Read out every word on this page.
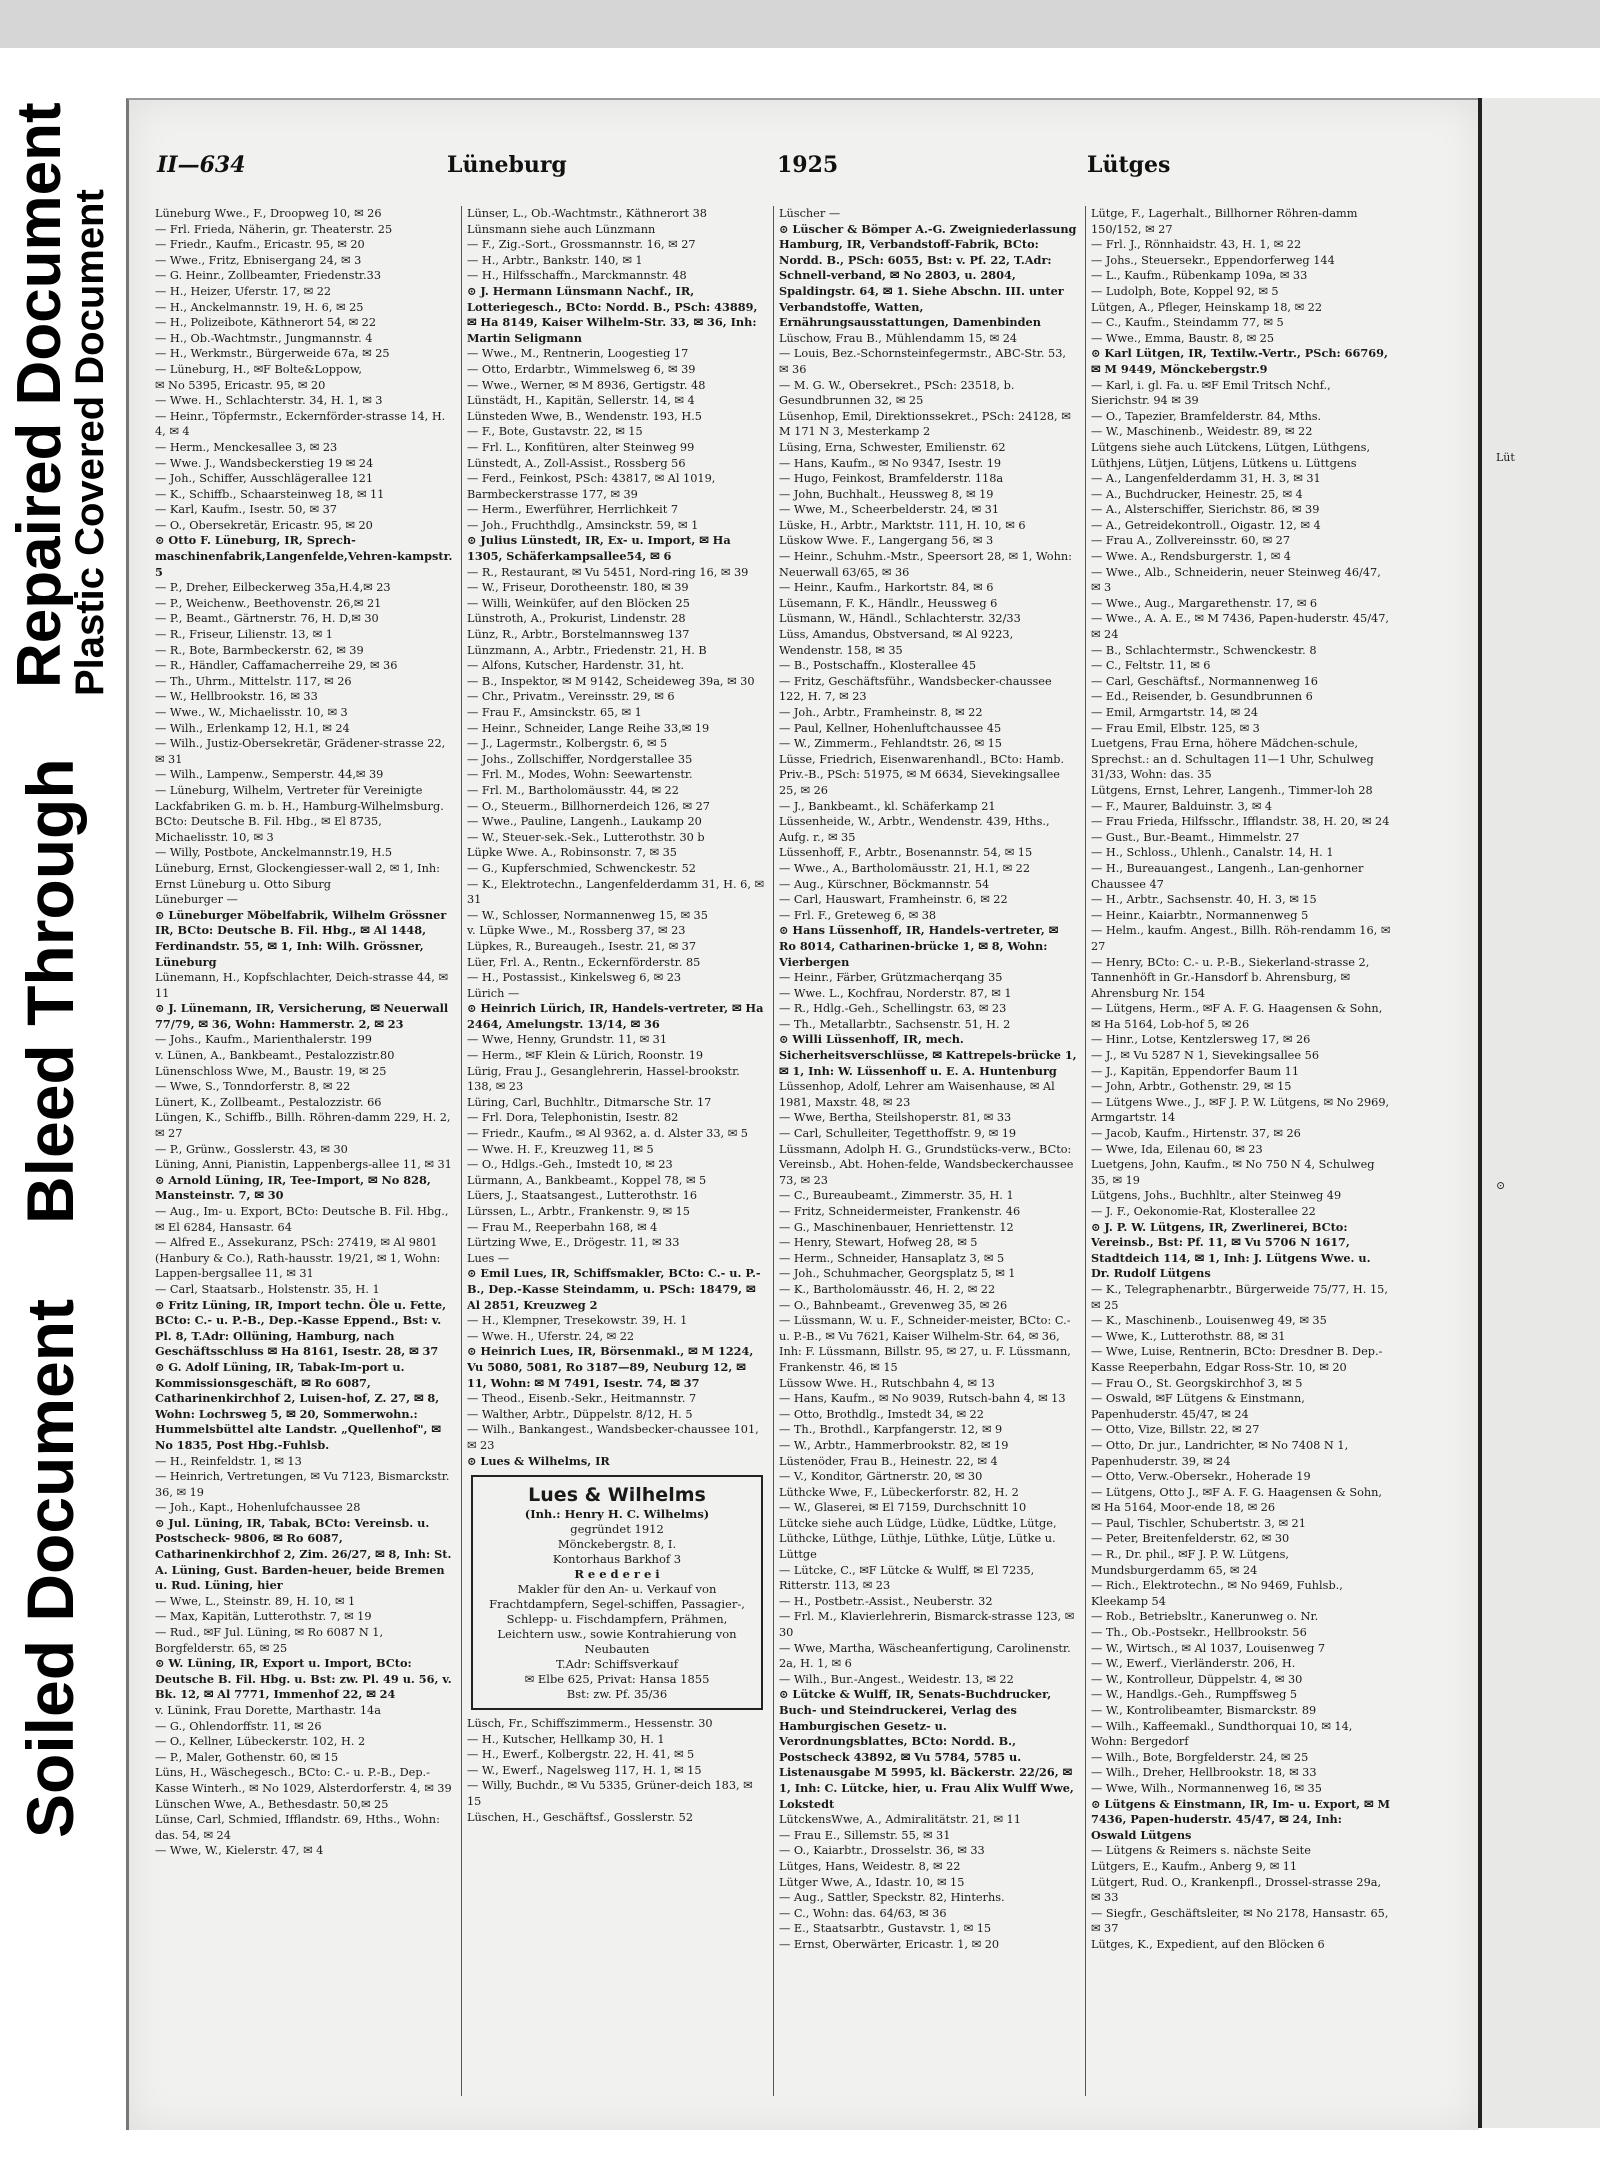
Repaired Document
Plastic Covered Document
Bleed Through
Soiled Document
II—634	Lüneburg	1925	Lütges

Lüneburg Wwe., F., Droopweg 10, ✉ 26

— Frl. Frieda, Näherin, gr. Theaterstr. 25

— Friedr., Kaufm., Ericastr. 95, ✉ 20

— Wwe., Fritz, Ebnisergang 24, ✉ 3

— G. Heinr., Zollbeamter, Friedenstr.33

— H., Heizer, Uferstr. 17, ✉ 22

— H., Anckelmannstr. 19, H. 6, ✉ 25

— H., Polizeibote, Käthnerort 54, ✉ 22

— H., Ob.-Wachtmstr., Jungmannstr. 4

— H., Werkmstr., Bürgerweide 67a, ✉ 25

— Lüneburg, H., ✉F Bolte&Loppow,

✉ No 5395, Ericastr. 95, ✉ 20

— Wwe. H., Schlachterstr. 34, H. 1, ✉ 3

— Heinr., Töpfermstr., Eckernförder-strasse 14, H. 4, ✉ 4

— Herm., Menckesallee 3, ✉ 23

— Wwe. J., Wandsbeckerstieg 19 ✉ 24

— Joh., Schiffer, Ausschlägerallee 121

— K., Schiffb., Schaarsteinweg 18, ✉ 11

— Karl, Kaufm., Isestr. 50, ✉ 37

— O., Obersekretär, Ericastr. 95, ✉ 20

⊙ Otto F. Lüneburg, IR, Sprech-maschinenfabrik,Langenfelde,Vehren-kampstr. 5

— P., Dreher, Eilbeckerweg 35a,H.4,✉ 23

— P., Weichenw., Beethovenstr. 26,✉ 21

— P., Beamt., Gärtnerstr. 76, H. D,✉ 30

— R., Friseur, Lilienstr. 13, ✉ 1

— R., Bote, Barmbeckerstr. 62, ✉ 39

— R., Händler, Caffamacherreihe 29, ✉ 36

— Th., Uhrm., Mittelstr. 117, ✉ 26

— W., Hellbrookstr. 16, ✉ 33

— Wwe., W., Michaelisstr. 10, ✉ 3

— Wilh., Erlenkamp 12, H.1, ✉ 24

— Wilh., Justiz-Obersekretär, Grädener-strasse 22, ✉ 31

— Wilh., Lampenw., Semperstr. 44,✉ 39

— Lüneburg, Wilhelm, Vertreter für Vereinigte Lackfabriken G. m. b. H., Hamburg-Wilhelmsburg. BCto: Deutsche B. Fil. Hbg., ✉ El 8735, Michaelisstr. 10, ✉ 3

— Willy, Postbote, Anckelmannstr.19, H.5

Lüneburg, Ernst, Glockengiesser-wall 2, ✉ 1, Inh: Ernst Lüneburg u. Otto Siburg

Lüneburger —

⊙ Lüneburger Möbelfabrik, Wilhelm Grössner IR, BCto: Deutsche B. Fil. Hbg., ✉ Al 1448, Ferdinandstr. 55, ✉ 1, Inh: Wilh. Grössner, Lüneburg

Lünemann, H., Kopfschlachter, Deich-strasse 44, ✉ 11

⊙ J. Lünemann, IR, Versicherung, ✉ Neuerwall 77/79, ✉ 36, Wohn: Hammerstr. 2, ✉ 23

— Johs., Kaufm., Marienthalerstr. 199

v. Lünen, A., Bankbeamt., Pestalozzistr.80

Lünenschloss Wwe, M., Baustr. 19, ✉ 25

— Wwe, S., Tonndorferstr. 8, ✉ 22

Lünert, K., Zollbeamt., Pestalozzistr. 66

Lüngen, K., Schiffb., Billh. Röhren-damm 229, H. 2, ✉ 27

— P., Grünw., Gosslerstr. 43, ✉ 30

Lüning, Anni, Pianistin, Lappenbergs-allee 11, ✉ 31

⊙ Arnold Lüning, IR, Tee-Import, ✉ No 828, Mansteinstr. 7, ✉ 30

— Aug., Im- u. Export, BCto: Deutsche B. Fil. Hbg., ✉ El 6284, Hansastr. 64

— Alfred E., Assekuranz, PSch: 27419, ✉ Al 9801 (Hanbury & Co.), Rath-hausstr. 19/21, ✉ 1, Wohn: Lappen-bergsallee 11, ✉ 31

— Carl, Staatsarb., Holstenstr. 35, H. 1

⊙ Fritz Lüning, IR, Import techn. Öle u. Fette, BCto: C.- u. P.-B., Dep.-Kasse Eppend., Bst: v. Pl. 8, T.Adr: Ollüning, Hamburg, nach Geschäftsschluss ✉ Ha 8161, Isestr. 28, ✉ 37

⊙ G. Adolf Lüning, IR, Tabak-Im-port u. Kommissionsgeschäft, ✉ Ro 6087, Catharinenkirchhof 2, Luisen-hof, Z. 27, ✉ 8, Wohn: Lochrsweg 5, ✉ 20, Sommerwohn.: Hummelsbüttel alte Landstr. „Quellenhof", ✉ No 1835, Post Hbg.-Fuhlsb.

— H., Reinfeldstr. 1, ✉ 13

— Heinrich, Vertretungen, ✉ Vu 7123, Bismarckstr. 36, ✉ 19

— Joh., Kapt., Hohenlufchaussee 28

⊙ Jul. Lüning, IR, Tabak, BCto: Vereinsb. u. Postscheck- 9806, ✉ Ro 6087, Catharinenkirchhof 2, Zim. 26/27, ✉ 8, Inh: St. A. Lüning, Gust. Barden-heuer, beide Bremen u. Rud. Lüning, hier

— Wwe, L., Steinstr. 89, H. 10, ✉ 1

— Max, Kapitän, Lutterothstr. 7, ✉ 19

— Rud., ✉F Jul. Lüning, ✉ Ro 6087 N 1, Borgfelderstr. 65, ✉ 25

⊙ W. Lüning, IR, Export u. Import, BCto: Deutsche B. Fil. Hbg. u. Bst: zw. Pl. 49 u. 56, v. Bk. 12, ✉ Al 7771, Immenhof 22, ✉ 24

v. Lünink, Frau Dorette, Marthastr. 14a

— G., Ohlendorffstr. 11, ✉ 26

— O., Kellner, Lübeckerstr. 102, H. 2

— P., Maler, Gothenstr. 60, ✉ 15

Lüns, H., Wäschegesch., BCto: C.- u. P.-B., Dep.-Kasse Winterh., ✉ No 1029, Alsterdorferstr. 4, ✉ 39

Lünschen Wwe, A., Bethesdastr. 50,✉ 25

Lünse, Carl, Schmied, Ifflandstr. 69, Hths., Wohn: das. 54, ✉ 24

— Wwe, W., Kielerstr. 47, ✉ 4

Lünser, L., Ob.-Wachtmstr., Käthnerort 38

Lünsmann siehe auch Lünzmann

— F., Zig.-Sort., Grossmannstr. 16, ✉ 27

— H., Arbtr., Bankstr. 140, ✉ 1

— H., Hilfsschaffn., Marckmannstr. 48

⊙ J. Hermann Lünsmann Nachf., IR, Lotteriegesch., BCto: Nordd. B., PSch: 43889, ✉ Ha 8149, Kaiser Wilhelm-Str. 33, ✉ 36, Inh: Martin Seligmann

— Wwe., M., Rentnerin, Loogestieg 17

— Otto, Erdarbtr., Wimmelsweg 6, ✉ 39

— Wwe., Werner, ✉ M 8936, Gertigstr. 48

Lünstädt, H., Kapitän, Sellerstr. 14, ✉ 4

Lünsteden Wwe, B., Wendenstr. 193, H.5

— F., Bote, Gustavstr. 22, ✉ 15

— Frl. L., Konfitüren, alter Steinweg 99

Lünstedt, A., Zoll-Assist., Rossberg 56

— Ferd., Feinkost, PSch: 43817, ✉ Al 1019, Barmbeckerstrasse 177, ✉ 39

— Herm., Ewerführer, Herrlichkeit 7

— Joh., Fruchthdlg., Amsinckstr. 59, ✉ 1

⊙ Julius Lünstedt, IR, Ex- u. Import, ✉ Ha 1305, Schäferkampsallee54, ✉ 6

— R., Restaurant, ✉ Vu 5451, Nord-ring 16, ✉ 39

— W., Friseur, Dorotheenstr. 180, ✉ 39

— Willi, Weinküfer, auf den Blöcken 25

Lünstroth, A., Prokurist, Lindenstr. 28

Lünz, R., Arbtr., Borstelmannsweg 137

Lünzmann, A., Arbtr., Friedenstr. 21, H. B

— Alfons, Kutscher, Hardenstr. 31, ht.

— B., Inspektor, ✉ M 9142, Scheideweg 39a, ✉ 30

— Chr., Privatm., Vereinsstr. 29, ✉ 6

— Frau F., Amsinckstr. 65, ✉ 1

— Heinr., Schneider, Lange Reihe 33,✉ 19

— J., Lagermstr., Kolbergstr. 6, ✉ 5

— Johs., Zollschiffer, Nordgerstallee 35

— Frl. M., Modes, Wohn: Seewartenstr.

— Frl. M., Bartholomäusstr. 44, ✉ 22

— O., Steuerm., Billhornerdeich 126, ✉ 27

— Wwe., Pauline, Langenh., Laukamp 20

— W., Steuer-sek.-Sek., Lutterothstr. 30 b

Lüpke Wwe. A., Robinsonstr. 7, ✉ 35

— G., Kupferschmied, Schwenckestr. 52

— K., Elektrotechn., Langenfelderdamm 31, H. 6, ✉ 31

— W., Schlosser, Normannenweg 15, ✉ 35

v. Lüpke Wwe., M., Rossberg 37, ✉ 23

Lüpkes, R., Bureaugeh., Isestr. 21, ✉ 37

Lüer, Frl. A., Rentn., Eckernförderstr. 85

— H., Postassist., Kinkelsweg 6, ✉ 23

Lürich —

⊙ Heinrich Lürich, IR, Handels-vertreter, ✉ Ha 2464, Amelungstr. 13/14, ✉ 36

— Wwe, Henny, Grundstr. 11, ✉ 31

— Herm., ✉F Klein & Lürich, Roonstr. 19

Lürig, Frau J., Gesanglehrerin, Hassel-brookstr. 138, ✉ 23

Lüring, Carl, Buchhltr., Ditmarsche Str. 17

— Frl. Dora, Telephonistin, Isestr. 82

— Friedr., Kaufm., ✉ Al 9362, a. d. Alster 33, ✉ 5

— Wwe. H. F., Kreuzweg 11, ✉ 5

— O., Hdlgs.-Geh., Imstedt 10, ✉ 23

Lürmann, A., Bankbeamt., Koppel 78, ✉ 5

Lüers, J., Staatsangest., Lutterothstr. 16

Lürssen, L., Arbtr., Frankenstr. 9, ✉ 15

— Frau M., Reeperbahn 168, ✉ 4

Lürtzing Wwe, E., Drögestr. 11, ✉ 33

Lues —

⊙ Emil Lues, IR, Schiffsmakler, BCto: C.- u. P.-B., Dep.-Kasse Steindamm, u. PSch: 18479, ✉ Al 2851, Kreuzweg 2

— H., Klempner, Tresekowstr. 39, H. 1

— Wwe. H., Uferstr. 24, ✉ 22

⊙ Heinrich Lues, IR, Börsenmakl., ✉ M 1224, Vu 5080, 5081, Ro 3187—89, Neuburg 12, ✉ 11, Wohn: ✉ M 7491, Isestr. 74, ✉ 37

— Theod., Eisenb.-Sekr., Heitmannstr. 7

— Walther, Arbtr., Düppelstr. 8/12, H. 5

— Wilh., Bankangest., Wandsbecker-chaussee 101, ✉ 23

⊙ Lues & Wilhelms, IR

Lues & Wilhelms
(Inh.: Henry H. C. Wilhelms)
gegründet 1912
Mönckebergstr. 8, I.
Kontorhaus Barkhof 3
R e e d e r e i
Makler für den An- u. Verkauf von Frachtdampfern, Segel-schiffen, Passagier-, Schlepp- u. Fischdampfern, Prähmen, Leichtern usw., sowie Kontrahierung von Neubauten
T.Adr: Schiffsverkauf
✉ Elbe 625, Privat: Hansa 1855
Bst: zw. Pf. 35/36

Lüsch, Fr., Schiffszimmerm., Hessenstr. 30

— H., Kutscher, Hellkamp 30, H. 1

— H., Ewerf., Kolbergstr. 22, H. 41, ✉ 5

— W., Ewerf., Nagelsweg 117, H. 1, ✉ 15

— Willy, Buchdr., ✉ Vu 5335, Grüner-deich 183, ✉ 15

Lüschen, H., Geschäftsf., Gosslerstr. 52

Lüscher —

⊙ Lüscher & Bömper A.-G. Zweigniederlassung Hamburg, IR, Verbandstoff-Fabrik, BCto: Nordd. B., PSch: 6055, Bst: v. Pf. 22, T.Adr: Schnell-verband, ✉ No 2803, u. 2804, Spaldingstr. 64, ✉ 1. Siehe Abschn. III. unter Verbandstoffe, Watten, Ernährungsausstattungen, Damenbinden

Lüschow, Frau B., Mühlendamm 15, ✉ 24

— Louis, Bez.-Schornsteinfegermstr., ABC-Str. 53, ✉ 36

— M. G. W., Obersekret., PSch: 23518, b. Gesundbrunnen 32, ✉ 25

Lüsenhop, Emil, Direktionssekret., PSch: 24128, ✉ M 171 N 3, Mesterkamp 2

Lüsing, Erna, Schwester, Emilienstr. 62

— Hans, Kaufm., ✉ No 9347, Isestr. 19

— Hugo, Feinkost, Bramfelderstr. 118a

— John, Buchhalt., Heussweg 8, ✉ 19

— Wwe, M., Scheerbelderstr. 24, ✉ 31

Lüske, H., Arbtr., Marktstr. 111, H. 10, ✉ 6

Lüskow Wwe. F., Langergang 56, ✉ 3

— Heinr., Schuhm.-Mstr., Speersort 28, ✉ 1, Wohn: Neuerwall 63/65, ✉ 36

— Heinr., Kaufm., Harkortstr. 84, ✉ 6

Lüsemann, F. K., Händlr., Heussweg 6

Lüsmann, W., Händl., Schlachterstr. 32/33

Lüss, Amandus, Obstversand, ✉ Al 9223, Wendenstr. 158, ✉ 35

— B., Postschaffn., Klosterallee 45

— Fritz, Geschäftsführ., Wandsbecker-chaussee 122, H. 7, ✉ 23

— Joh., Arbtr., Framheinstr. 8, ✉ 22

— Paul, Kellner, Hohenluftchaussee 45

— W., Zimmerm., Fehlandtstr. 26, ✉ 15

Lüsse, Friedrich, Eisenwarenhandl., BCto: Hamb. Priv.-B., PSch: 51975, ✉ M 6634, Sievekingsallee 25, ✉ 26

— J., Bankbeamt., kl. Schäferkamp 21

Lüssenheide, W., Arbtr., Wendenstr. 439, Hths., Aufg. r., ✉ 35

Lüssenhoff, F., Arbtr., Bosenannstr. 54, ✉ 15

— Wwe., A., Bartholomäusstr. 21, H.1, ✉ 22

— Aug., Kürschner, Böckmannstr. 54

— Carl, Hauswart, Framheinstr. 6, ✉ 22

— Frl. F., Greteweg 6, ✉ 38

⊙ Hans Lüssenhoff, IR, Handels-vertreter, ✉ Ro 8014, Catharinen-brücke 1, ✉ 8, Wohn: Vierbergen

— Heinr., Färber, Grützmacherqang 35

— Wwe. L., Kochfrau, Norderstr. 87, ✉ 1

— R., Hdlg.-Geh., Schellingstr. 63, ✉ 23

— Th., Metallarbtr., Sachsenstr. 51, H. 2

⊙ Willi Lüssenhoff, IR, mech. Sicherheitsverschlüsse, ✉ Kattrepels-brücke 1, ✉ 1, Inh: W. Lüssenhoff u. E. A. Huntenburg

Lüssenhop, Adolf, Lehrer am Waisenhause, ✉ Al 1981, Maxstr. 48, ✉ 23

— Wwe, Bertha, Steilshoperstr. 81, ✉ 33

— Carl, Schulleiter, Tegetthoffstr. 9, ✉ 19

Lüssmann, Adolph H. G., Grundstücks-verw., BCto: Vereinsb., Abt. Hohen-felde, Wandsbeckerchaussee 73, ✉ 23

— C., Bureaubeamt., Zimmerstr. 35, H. 1

— Fritz, Schneidermeister, Frankenstr. 46

— G., Maschinenbauer, Henriettenstr. 12

— Henry, Stewart, Hofweg 28, ✉ 5

— Herm., Schneider, Hansaplatz 3, ✉ 5

— Joh., Schuhmacher, Georgsplatz 5, ✉ 1

— K., Bartholomäusstr. 46, H. 2, ✉ 22

— O., Bahnbeamt., Grevenweg 35, ✉ 26

— Lüssmann, W. u. F., Schneider-meister, BCto: C.- u. P.-B., ✉ Vu 7621, Kaiser Wilhelm-Str. 64, ✉ 36, Inh: F. Lüssmann, Billstr. 95, ✉ 27, u. F. Lüssmann, Frankenstr. 46, ✉ 15

Lüssow Wwe. H., Rutschbahn 4, ✉ 13

— Hans, Kaufm., ✉ No 9039, Rutsch-bahn 4, ✉ 13

— Otto, Brothdlg., Imstedt 34, ✉ 22

— Th., Brothdl., Karpfangerstr. 12, ✉ 9

— W., Arbtr., Hammerbrookstr. 82, ✉ 19

Lüstenöder, Frau B., Heinestr. 22, ✉ 4

— V., Konditor, Gärtnerstr. 20, ✉ 30

Lüthcke Wwe, F., Lübeckerforstr. 82, H. 2

— W., Glaserei, ✉ El 7159, Durchschnitt 10

Lütcke siehe auch Lüdge, Lüdke, Lüdtke, Lütge, Lüthcke, Lüthge, Lüthje, Lüthke, Lütje, Lütke u. Lüttge

— Lütcke, C., ✉F Lütcke & Wulff, ✉ El 7235, Ritterstr. 113, ✉ 23

— H., Postbetr.-Assist., Neuberstr. 32

— Frl. M., Klavierlehrerin, Bismarck-strasse 123, ✉ 30

— Wwe, Martha, Wäscheanfertigung, Carolinenstr. 2a, H. 1, ✉ 6

— Wilh., Bur.-Angest., Weidestr. 13, ✉ 22

⊙ Lütcke & Wulff, IR, Senats-Buchdrucker, Buch- und Steindruckerei, Verlag des Hamburgischen Gesetz- u. Verordnungsblattes, BCto: Nordd. B., Postscheck 43892, ✉ Vu 5784, 5785 u. Listenausgabe M 5995, kl. Bäckerstr. 22/26, ✉ 1, Inh: C. Lütcke, hier, u. Frau Alix Wulff Wwe, Lokstedt

LütckensWwe, A., Admiralitätstr. 21, ✉ 11

— Frau E., Sillemstr. 55, ✉ 31

— O., Kaiarbtr., Drosselstr. 36, ✉ 33

Lütges, Hans, Weidestr. 8, ✉ 22

Lütger Wwe, A., Idastr. 10, ✉ 15

— Aug., Sattler, Speckstr. 82, Hinterhs.

— C., Wohn: das. 64/63, ✉ 36

— E., Staatsarbtr., Gustavstr. 1, ✉ 15

— Ernst, Oberwärter, Ericastr. 1, ✉ 20

Lütge, F., Lagerhalt., Billhorner Röhren-damm 150/152, ✉ 27

— Frl. J., Rönnhaidstr. 43, H. 1, ✉ 22

— Johs., Steuersekr., Eppendorferweg 144

— L., Kaufm., Rübenkamp 109a, ✉ 33

— Ludolph, Bote, Koppel 92, ✉ 5

Lütgen, A., Pfleger, Heinskamp 18, ✉ 22

— C., Kaufm., Steindamm 77, ✉ 5

— Wwe., Emma, Baustr. 8, ✉ 25

⊙ Karl Lütgen, IR, Textilw.-Vertr., PSch: 66769, ✉ M 9449, Mönckebergstr.9

— Karl, i. gl. Fa. u. ✉F Emil Tritsch Nchf., Sierichstr. 94 ✉ 39

— O., Tapezier, Bramfelderstr. 84, Mths.

— W., Maschinenb., Weidestr. 89, ✉ 22

Lütgens siehe auch Lütckens, Lütgen, Lüthgens, Lüthjens, Lütjen, Lütjens, Lütkens u. Lüttgens

— A., Langenfelderdamm 31, H. 3, ✉ 31

— A., Buchdrucker, Heinestr. 25, ✉ 4

— A., Alsterschiffer, Sierichstr. 86, ✉ 39

— A., Getreidekontroll., Oigastr. 12, ✉ 4

— Frau A., Zollvereinsstr. 60, ✉ 27

— Wwe. A., Rendsburgerstr. 1, ✉ 4

— Wwe., Alb., Schneiderin, neuer Steinweg 46/47, ✉ 3

— Wwe., Aug., Margarethenstr. 17, ✉ 6

— Wwe., A. A. E., ✉ M 7436, Papen-huderstr. 45/47, ✉ 24

— B., Schlachtermstr., Schwenckestr. 8

— C., Feltstr. 11, ✉ 6

— Carl, Geschäftsf., Normannenweg 16

— Ed., Reisender, b. Gesundbrunnen 6

— Emil, Armgartstr. 14, ✉ 24

— Frau Emil, Elbstr. 125, ✉ 3

Luetgens, Frau Erna, höhere Mädchen-schule, Sprechst.: an d. Schultagen 11—1 Uhr, Schulweg 31/33, Wohn: das. 35

Lütgens, Ernst, Lehrer, Langenh., Timmer-loh 28

— F., Maurer, Balduinstr. 3, ✉ 4

— Frau Frieda, Hilfsschr., Ifflandstr. 38, H. 20, ✉ 24

— Gust., Bur.-Beamt., Himmelstr. 27

— H., Schloss., Uhlenh., Canalstr. 14, H. 1

— H., Bureauangest., Langenh., Lan-genhorner Chaussee 47

— H., Arbtr., Sachsenstr. 40, H. 3, ✉ 15

— Heinr., Kaiarbtr., Normannenweg 5

— Helm., kaufm. Angest., Billh. Röh-rendamm 16, ✉ 27

— Henry, BCto: C.- u. P.-B., Siekerland-strasse 2, Tannenhöft in Gr.-Hansdorf b. Ahrensburg, ✉ Ahrensburg Nr. 154

— Lütgens, Herm., ✉F A. F. G. Haagensen & Sohn, ✉ Ha 5164, Lob-hof 5, ✉ 26

— Hinr., Lotse, Kentzlersweg 17, ✉ 26

— J., ✉ Vu 5287 N 1, Sievekingsallee 56

— J., Kapitän, Eppendorfer Baum 11

— John, Arbtr., Gothenstr. 29, ✉ 15

— Lütgens Wwe., J., ✉F J. P. W. Lütgens, ✉ No 2969, Armgartstr. 14

— Jacob, Kaufm., Hirtenstr. 37, ✉ 26

— Wwe, Ida, Eilenau 60, ✉ 23

Luetgens, John, Kaufm., ✉ No 750 N 4, Schulweg 35, ✉ 19

Lütgens, Johs., Buchhltr., alter Steinweg 49

— J. F., Oekonomie-Rat, Klosterallee 22

⊙ J. P. W. Lütgens, IR, Zwerlinerei, BCto: Vereinsb., Bst: Pf. 11, ✉ Vu 5706 N 1617, Stadtdeich 114, ✉ 1, Inh: J. Lütgens Wwe. u. Dr. Rudolf Lütgens

— K., Telegraphenarbtr., Bürgerweide 75/77, H. 15, ✉ 25

— K., Maschinenb., Louisenweg 49, ✉ 35

— Wwe, K., Lutterothstr. 88, ✉ 31

— Wwe, Luise, Rentnerin, BCto: Dresdner B. Dep.-Kasse Reeperbahn, Edgar Ross-Str. 10, ✉ 20

— Frau O., St. Georgskirchhof 3, ✉ 5

— Oswald, ✉F Lütgens & Einstmann, Papenhuderstr. 45/47, ✉ 24

— Otto, Vize, Billstr. 22, ✉ 27

— Otto, Dr. jur., Landrichter, ✉ No 7408 N 1, Papenhuderstr. 39, ✉ 24

— Otto, Verw.-Obersekr., Hoherade 19

— Lütgens, Otto J., ✉F A. F. G. Haagensen & Sohn, ✉ Ha 5164, Moor-ende 18, ✉ 26

— Paul, Tischler, Schubertstr. 3, ✉ 21

— Peter, Breitenfelderstr. 62, ✉ 30

— R., Dr. phil., ✉F J. P. W. Lütgens, Mundsburgerdamm 65, ✉ 24

— Rich., Elektrotechn., ✉ No 9469, Fuhlsb., Kleekamp 54

— Rob., Betriebsltr., Kanerunweg o. Nr.

— Th., Ob.-Postsekr., Hellbrookstr. 56

— W., Wirtsch., ✉ Al 1037, Louisenweg 7

— W., Ewerf., Vierländerstr. 206, H.

— W., Kontrolleur, Düppelstr. 4, ✉ 30

— W., Handlgs.-Geh., Rumpffsweg 5

— W., Kontrolibeamter, Bismarckstr. 89

— Wilh., Kaffeemakl., Sundthorquai 10, ✉ 14, Wohn: Bergedorf

— Wilh., Bote, Borgfelderstr. 24, ✉ 25

— Wilh., Dreher, Hellbrookstr. 18, ✉ 33

— Wwe, Wilh., Normannenweg 16, ✉ 35

⊙ Lütgens & Einstmann, IR, Im- u. Export, ✉ M 7436, Papen-huderstr. 45/47, ✉ 24, Inh: Oswald Lütgens

— Lütgens & Reimers s. nächste Seite

Lütgers, E., Kaufm., Anberg 9, ✉ 11

Lütgert, Rud. O., Krankenpfl., Drossel-strasse 29a, ✉ 33

— Siegfr., Geschäftsleiter, ✉ No 2178, Hansastr. 65, ✉ 37

Lütges, K., Expedient, auf den Blöcken 6

Lüt
⊙
